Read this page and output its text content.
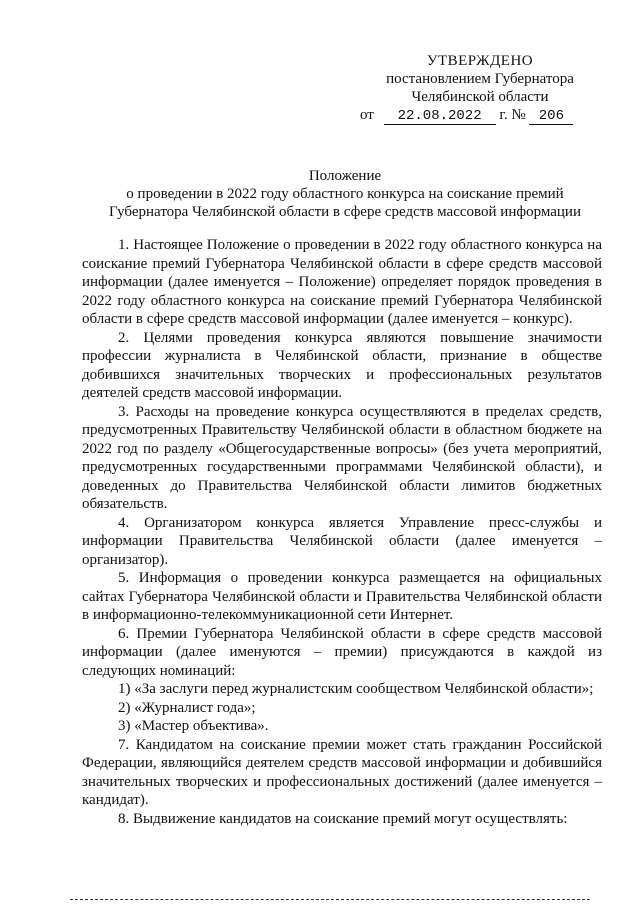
УТВЕРЖДЕНО
постановлением Губернатора
Челябинской области
от 22.08.2022 г. № 206
Положение
о проведении в 2022 году областного конкурса на соискание премий
Губернатора Челябинской области в сфере средств массовой информации

1. Настоящее Положение о проведении в 2022 году областного конкурса на соискание премий Губернатора Челябинской области в сфере средств массовой информации (далее именуется – Положение) определяет порядок проведения в 2022 году областного конкурса на соискание премий Губернатора Челябинской области в сфере средств массовой информации (далее именуется – конкурс).

2. Целями проведения конкурса являются повышение значимости профессии журналиста в Челябинской области, признание в обществе добившихся значительных творческих и профессиональных результатов деятелей средств массовой информации.

3. Расходы на проведение конкурса осуществляются в пределах средств, предусмотренных Правительству Челябинской области в областном бюджете на 2022 год по разделу «Общегосударственные вопросы» (без учета мероприятий, предусмотренных государственными программами Челябинской области), и доведенных до Правительства Челябинской области лимитов бюджетных обязательств.

4. Организатором конкурса является Управление пресс-службы и информации Правительства Челябинской области (далее именуется – организатор).

5. Информация о проведении конкурса размещается на официальных сайтах Губернатора Челябинской области и Правительства Челябинской области в информационно-телекоммуникационной сети Интернет.

6. Премии Губернатора Челябинской области в сфере средств массовой информации (далее именуются – премии) присуждаются в каждой из следующих номинаций:

1) «За заслуги перед журналистским сообществом Челябинской области»;

2) «Журналист года»;

3) «Мастер объектива».

7. Кандидатом на соискание премии может стать гражданин Российской Федерации, являющийся деятелем средств массовой информации и добившийся значительных творческих и профессиональных достижений (далее именуется – кандидат).

8. Выдвижение кандидатов на соискание премий могут осуществлять:
